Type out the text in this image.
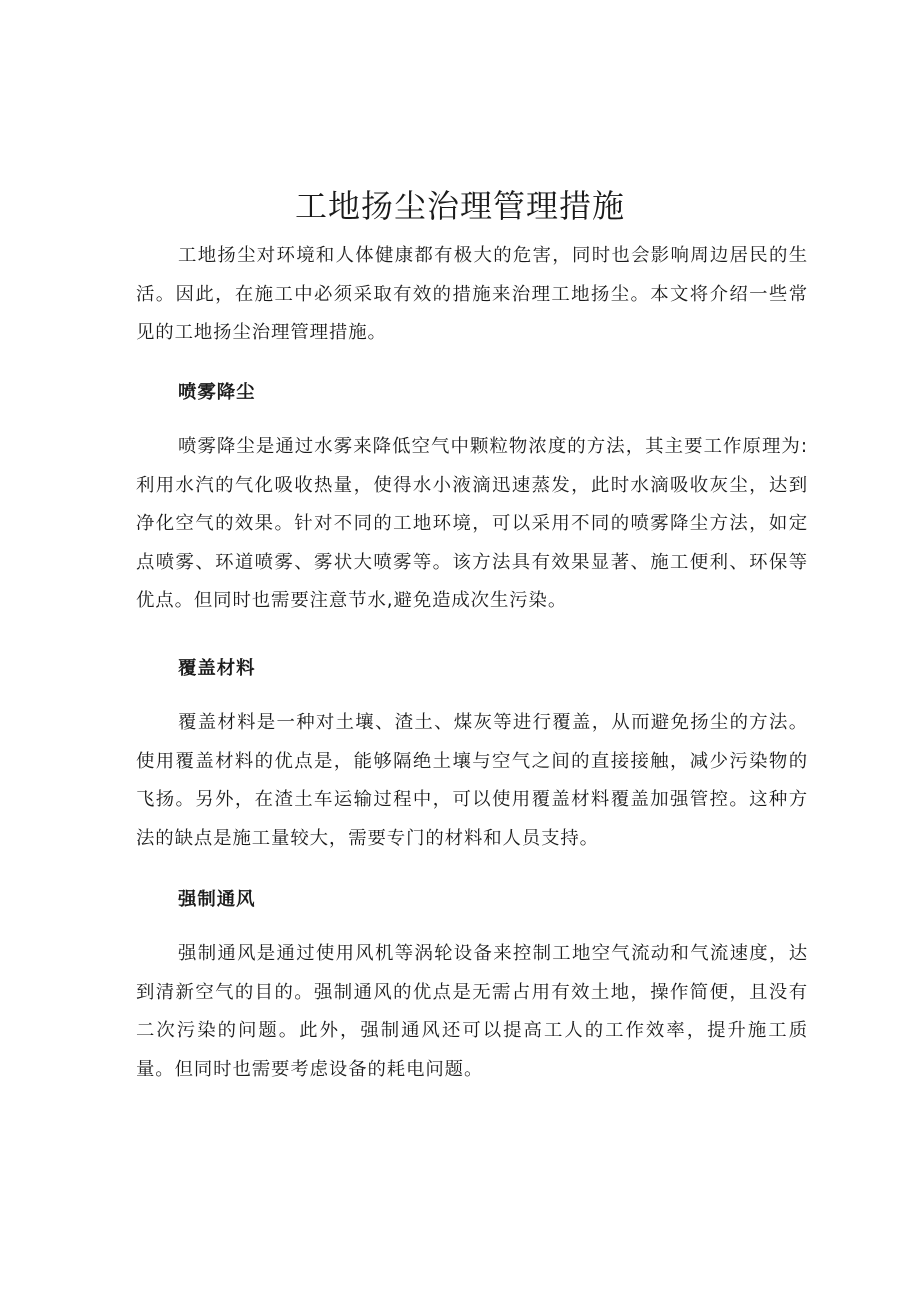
工地扬尘治理管理措施

工地扬尘对环境和人体健康都有极大的危害，同时也会影响周边居民的生活。因此，在施工中必须采取有效的措施来治理工地扬尘。本文将介绍一些常见的工地扬尘治理管理措施。

喷雾降尘

喷雾降尘是通过水雾来降低空气中颗粒物浓度的方法，其主要工作原理为:利用水汽的气化吸收热量，使得水小液滴迅速蒸发，此时水滴吸收灰尘，达到净化空气的效果。针对不同的工地环境，可以采用不同的喷雾降尘方法，如定点喷雾、环道喷雾、雾状大喷雾等。该方法具有效果显著、施工便利、环保等优点。但同时也需要注意节水,避免造成次生污染。

覆盖材料

覆盖材料是一种对土壤、渣土、煤灰等进行覆盖，从而避免扬尘的方法。使用覆盖材料的优点是，能够隔绝土壤与空气之间的直接接触，减少污染物的飞扬。另外，在渣土车运输过程中，可以使用覆盖材料覆盖加强管控。这种方法的缺点是施工量较大，需要专门的材料和人员支持。

强制通风

强制通风是通过使用风机等涡轮设备来控制工地空气流动和气流速度，达到清新空气的目的。强制通风的优点是无需占用有效土地，操作简便，且没有二次污染的问题。此外，强制通风还可以提高工人的工作效率，提升施工质量。但同时也需要考虑设备的耗电问题。
